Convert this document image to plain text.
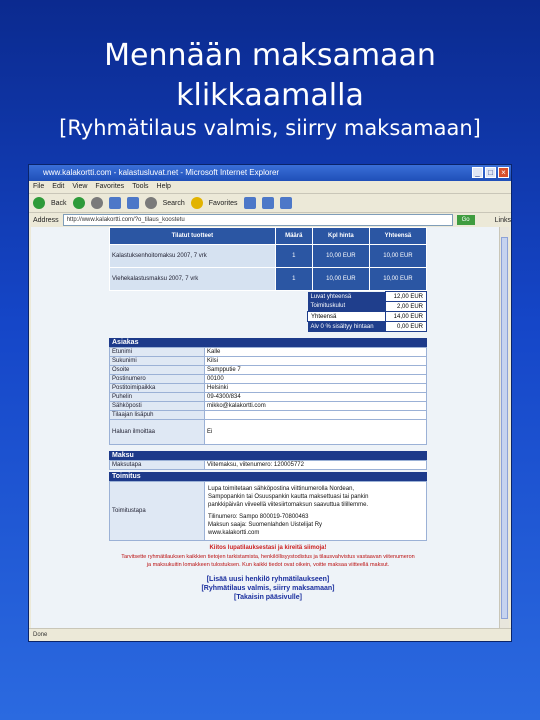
Mennään maksamaan
klikkaamalla
[Ryhmätilaus valmis, siirry maksamaan]
www.kalakortti.com - kalastusluvat.net - Microsoft Internet Explorer	_	□	×
File Edit View Favorites Tools Help
Back	Search	Favorites
Address	http://www.kalakortti.com/?o_tilaus_koostetu	Go	Links
Tilatut tuotteet	Määrä	Kpl hinta	Yhteensä
Kalastuksenhoitomaksu 2007, 7 vrk	1	10,00 EUR	10,00 EUR
Viehekalastusmaksu 2007, 7 vrk	1	10,00 EUR	10,00 EUR
Luvat yhteensä	12,00 EUR
Toimituskulut	2,00 EUR
Yhteensä	14,00 EUR
Alv 0 % sisältyy hintaan	0,00 EUR
Asiakas
Etunimi	Kalle
Sukunimi	Kilsi
Osoite	Sampputie 7
Postinumero	00100
Postitoimipaikka	Helsinki
Puhelin	09-4300/834
Sähköposti	mikko@kalakortti.com
Tilaajan lisäpuh	
Haluan ilmoittaa	Ei
Maksu
Maksutapa	Viitemaksu, viitenumero: 120005772
Toimitus
Toimitustapa	
Lupa toimitetaan sähköpostina viittinumerolla Nordean,
Sampopankin tai Osuuspankin kautta maksettuasi tai pankin
pankkipäivän viiveellä viitesiirtomaksun saavuttua tilillemme.
Tilinumero: Sampo 800019-70800463
Maksun saaja: Suomenlahden Uistelijat Ry
www.kalakortti.com
Kiitos lupatilauksestasi ja kireitä siimoja!
Tarvitsette ryhmätilauksen kaikkien tietojen tarkistamista, henkilöllisyystodistus ja tilausvahvistus vastaavan viitenumeron ja maksukuitin lomakkeen tulostuksen. Kun kaikki tiedot ovat oikein, voitte maksaa viitteellä maksut.
[Lisää uusi henkilö ryhmätilaukseen]
[Ryhmätilaus valmis, siirry maksamaan]
[Takaisin pääsivulle]
Done
